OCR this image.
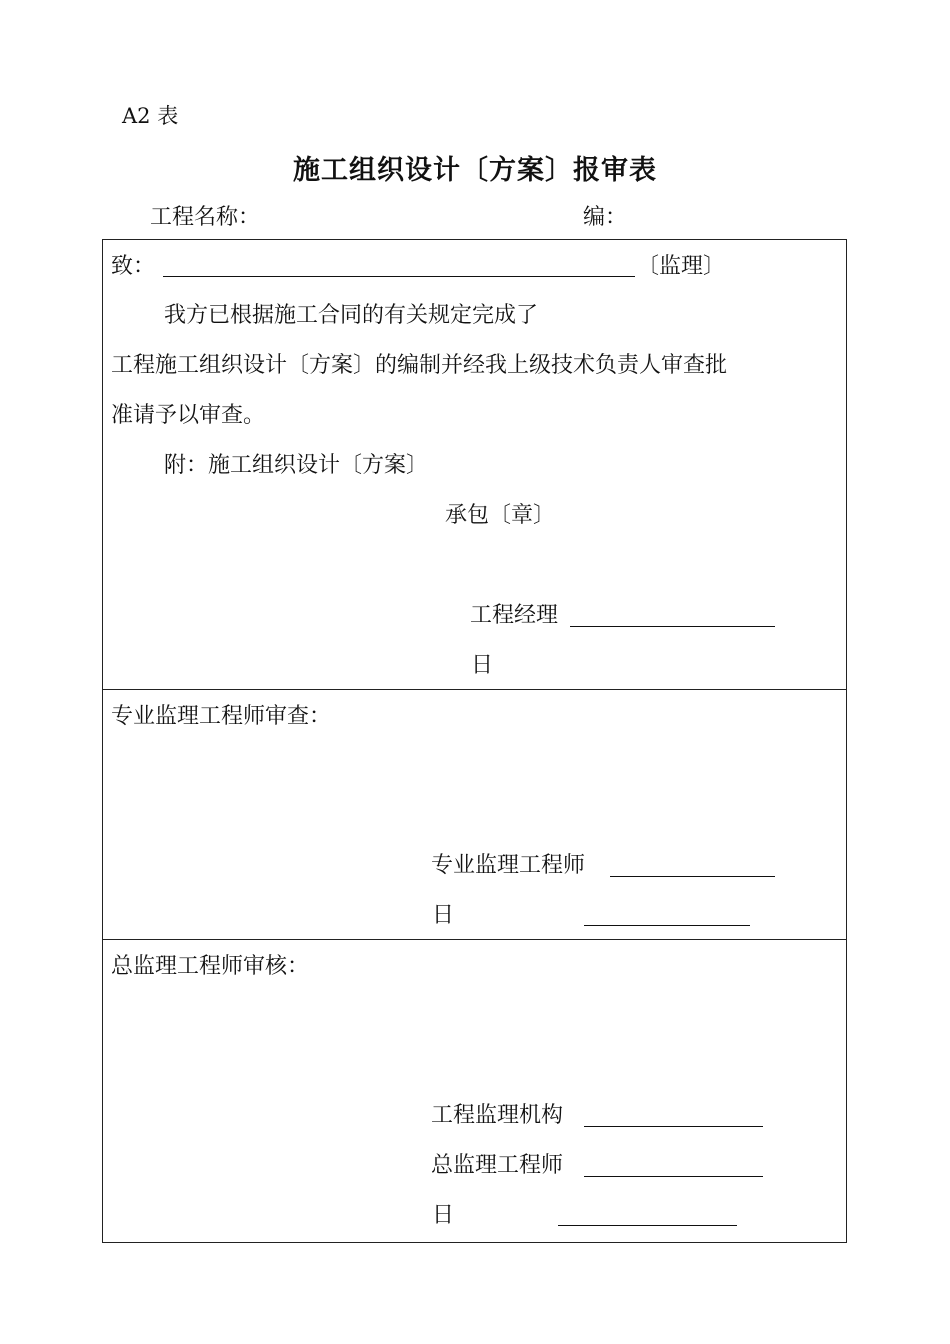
A2 表
施工组织设计〔方案〕报审表
工程名称：	编：
致：	〔监理〕
我方已根据施工合同的有关规定完成了
工程施工组织设计〔方案〕的编制并经我上级技术负责人审查批
准请予以审查。
附：施工组织设计〔方案〕
承包〔章〕
工程经理
日
专业监理工程师审查：
专业监理工程师
日
总监理工程师审核：
工程监理机构
总监理工程师
日
